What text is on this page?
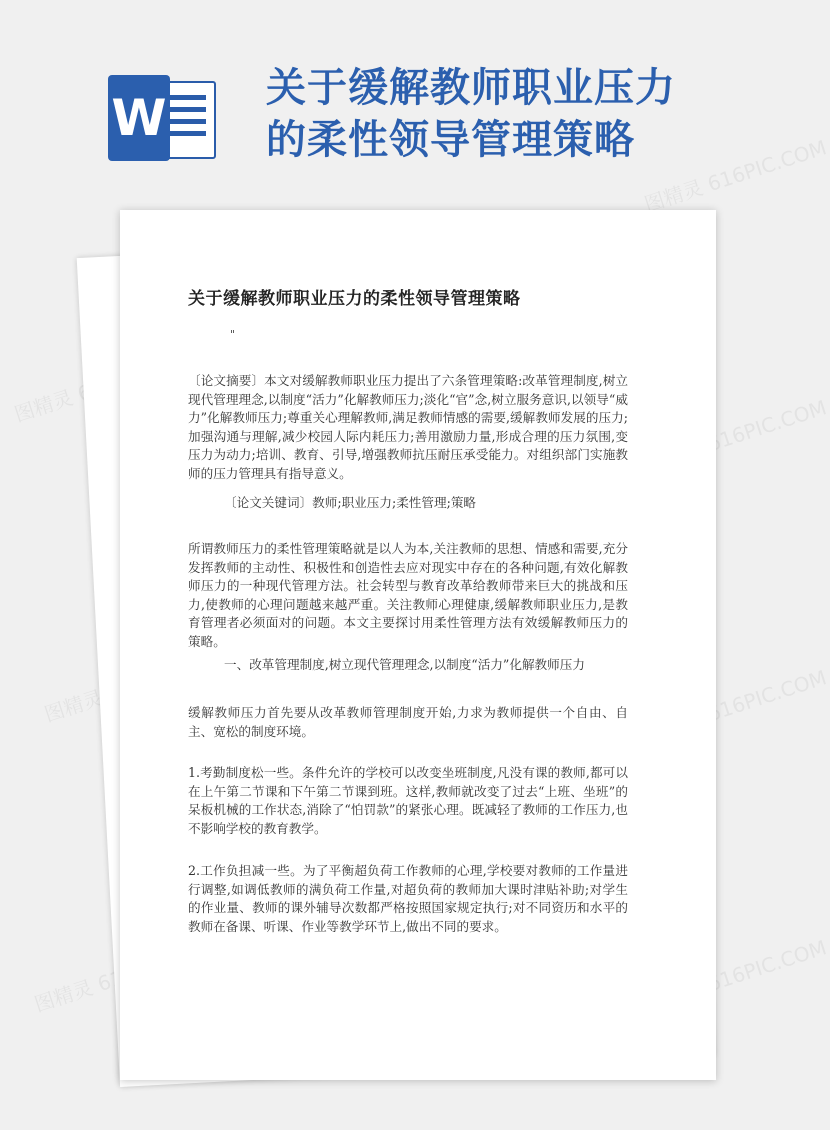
图精灵 616PIC.COM
图精灵	图精灵 616PIC.COM
图精灵	图精灵 616PIC.COM
图精灵	图精灵 616PIC.COM
W
关于缓解教师职业压力
的柔性领导管理策略
关于缓解教师职业压力的柔性领导管理策略
"

〔论文摘要〕本文对缓解教师职业压力提出了六条管理策略:改革管理制度,树立现代管理理念,以制度“活力”化解教师压力;淡化“官”念,树立服务意识,以领导“威力”化解教师压力;尊重关心理解教师,满足教师情感的需要,缓解教师发展的压力;加强沟通与理解,减少校园人际内耗压力;善用激励力量,形成合理的压力氛围,变压力为动力;培训、教育、引导,增强教师抗压耐压承受能力。对组织部门实施教师的压力管理具有指导意义。

〔论文关键词〕教师;职业压力;柔性管理;策略

所谓教师压力的柔性管理策略就是以人为本,关注教师的思想、情感和需要,充分发挥教师的主动性、积极性和创造性去应对现实中存在的各种问题,有效化解教师压力的一种现代管理方法。社会转型与教育改革给教师带来巨大的挑战和压力,使教师的心理问题越来越严重。关注教师心理健康,缓解教师职业压力,是教育管理者必须面对的问题。本文主要探讨用柔性管理方法有效缓解教师压力的策略。

一、改革管理制度,树立现代管理理念,以制度“活力”化解教师压力

缓解教师压力首先要从改革教师管理制度开始,力求为教师提供一个自由、自主、宽松的制度环境。

1.考勤制度松一些。条件允许的学校可以改变坐班制度,凡没有课的教师,都可以在上午第二节课和下午第二节课到班。这样,教师就改变了过去“上班、坐班”的呆板机械的工作状态,消除了“怕罚款”的紧张心理。既减轻了教师的工作压力,也不影响学校的教育教学。

2.工作负担减一些。为了平衡超负荷工作教师的心理,学校要对教师的工作量进行调整,如调低教师的满负荷工作量,对超负荷的教师加大课时津贴补助;对学生的作业量、教师的课外辅导次数都严格按照国家规定执行;对不同资历和水平的教师在备课、听课、作业等教学环节上,做出不同的要求。
